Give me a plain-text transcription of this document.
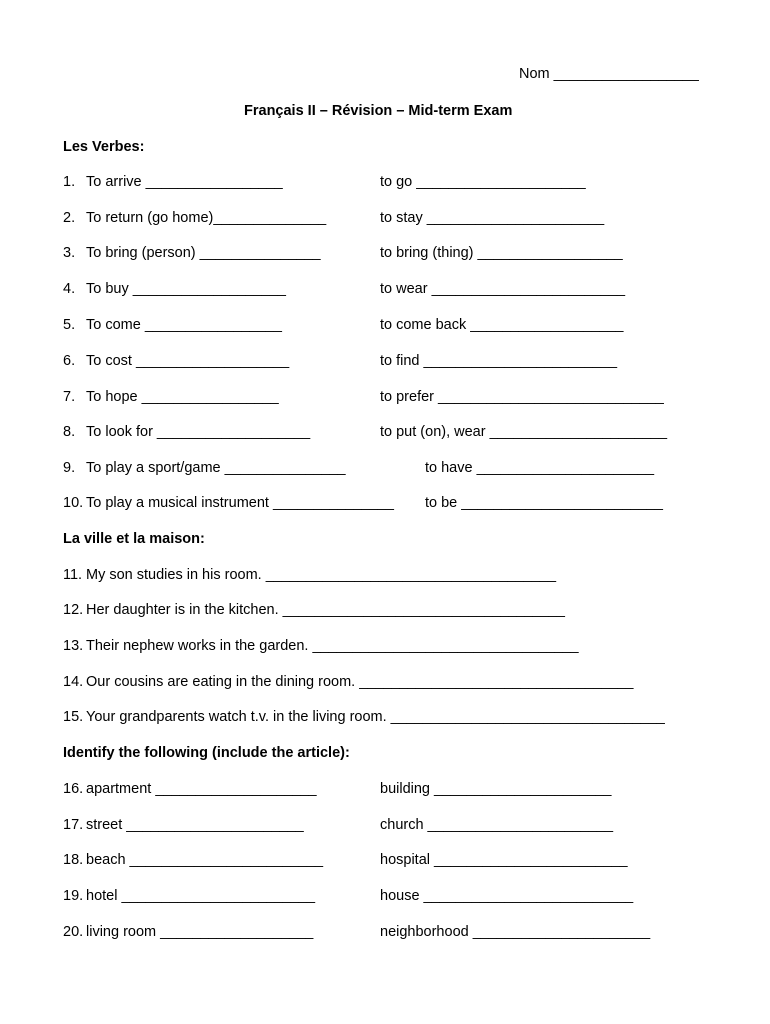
Nom __________________
Français II – Révision – Mid-term Exam
Les Verbes:
1. To arrive _________________	to go _____________________
2. To return (go home)______________	to stay ______________________
3. To bring (person) _______________	to bring (thing) __________________
4. To buy ___________________	to wear ________________________
5. To come _________________	to come back ___________________
6. To cost ___________________	to find ________________________
7. To hope _________________	to prefer ____________________________
8. To look for ___________________	to put (on), wear ______________________
9. To play a sport/game _______________	to have ______________________
10. To play a musical instrument _______________ to be _________________________
La ville et la maison:
11. My son studies in his room. ____________________________________
12. Her daughter is in the kitchen. ___________________________________
13. Their nephew works in the garden. _________________________________
14. Our cousins are eating in the dining room. __________________________________
15. Your grandparents watch t.v. in the living room. __________________________________
Identify the following (include the article):
16. apartment ____________________	building ______________________
17. street ______________________	church _______________________
18. beach ________________________	hospital ________________________
19. hotel ________________________	house __________________________
20. living room ___________________	neighborhood ______________________
